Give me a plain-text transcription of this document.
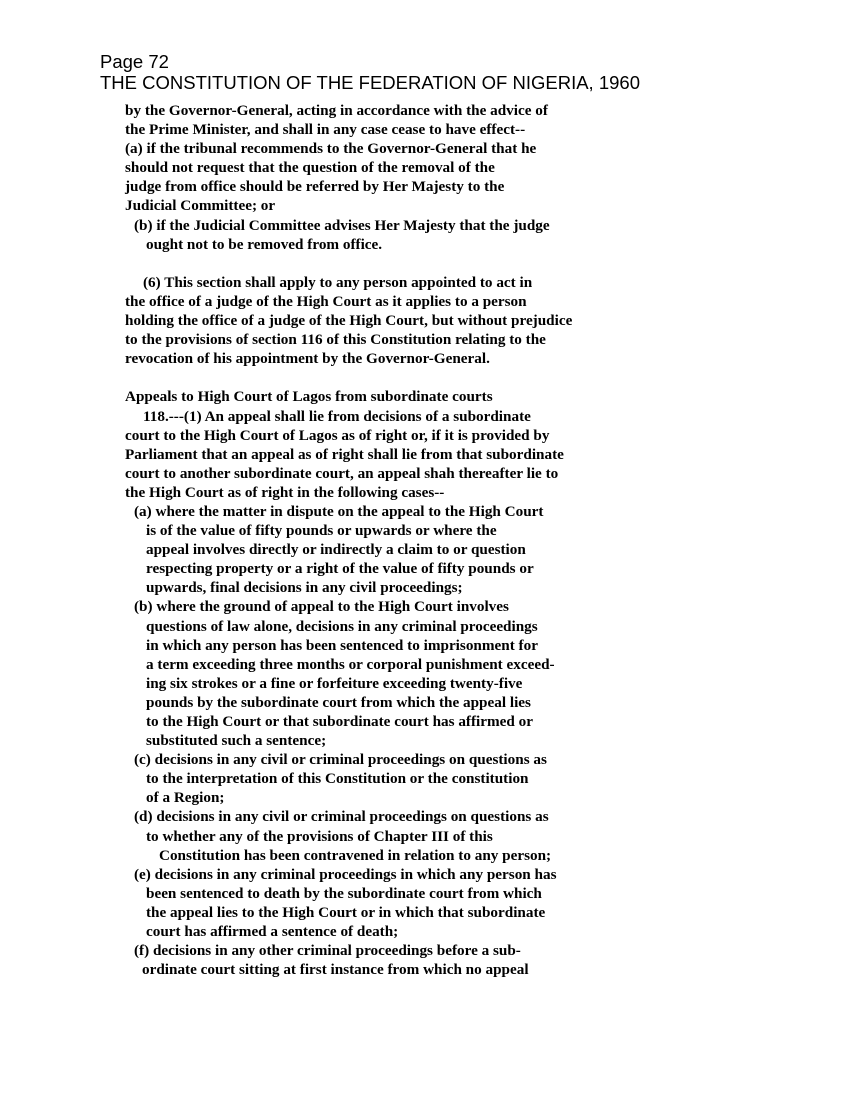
Page 72
THE CONSTITUTION OF THE FEDERATION OF NIGERIA, 1960
by the Governor-General, acting in accordance with the advice of
the Prime Minister, and shall in any case cease to have effect--
(a) if the tribunal recommends to the Governor-General that he
should not request that the question of the removal of the
judge from office should be referred by Her Majesty to the
Judicial Committee; or
(b) if the Judicial Committee advises Her Majesty that the judge
ought not to be removed from office.
(6) This section shall apply to any person appointed to act in
the office of a judge of the High Court as it applies to a person
holding the office of a judge of the High Court, but without prejudice
to the provisions of section 116 of this Constitution relating to the
revocation of his appointment by the Governor-General.
Appeals to High Court of Lagos from subordinate courts
118.---(1) An appeal shall lie from decisions of a subordinate
court to the High Court of Lagos as of right or, if it is provided by
Parliament that an appeal as of right shall lie from that subordinate
court to another subordinate court, an appeal shah thereafter lie to
the High Court as of right in the following cases--
(a) where the matter in dispute on the appeal to the High Court
is of the value of fifty pounds or upwards or where the
appeal involves directly or indirectly a claim to or question
respecting property or a right of the value of fifty pounds or
upwards, final decisions in any civil proceedings;
(b) where the ground of appeal to the High Court involves
questions of law alone, decisions in any criminal proceedings
in which any person has been sentenced to imprisonment for
a term exceeding three months or corporal punishment exceed-
ing six strokes or a fine or forfeiture exceeding twenty-five
pounds by the subordinate court from which the appeal lies
to the High Court or that subordinate court has affirmed or
substituted such a sentence;
(c) decisions in any civil or criminal proceedings on questions as
to the interpretation of this Constitution or the constitution
of a Region;
(d) decisions in any civil or criminal proceedings on questions as
to whether any of the provisions of Chapter III of this
Constitution has been contravened in relation to any person;
(e) decisions in any criminal proceedings in which any person has
been sentenced to death by the subordinate court from which
the appeal lies to the High Court or in which that subordinate
court has affirmed a sentence of death;
(f) decisions in any other criminal proceedings before a sub-
ordinate court sitting at first instance from which no appeal
